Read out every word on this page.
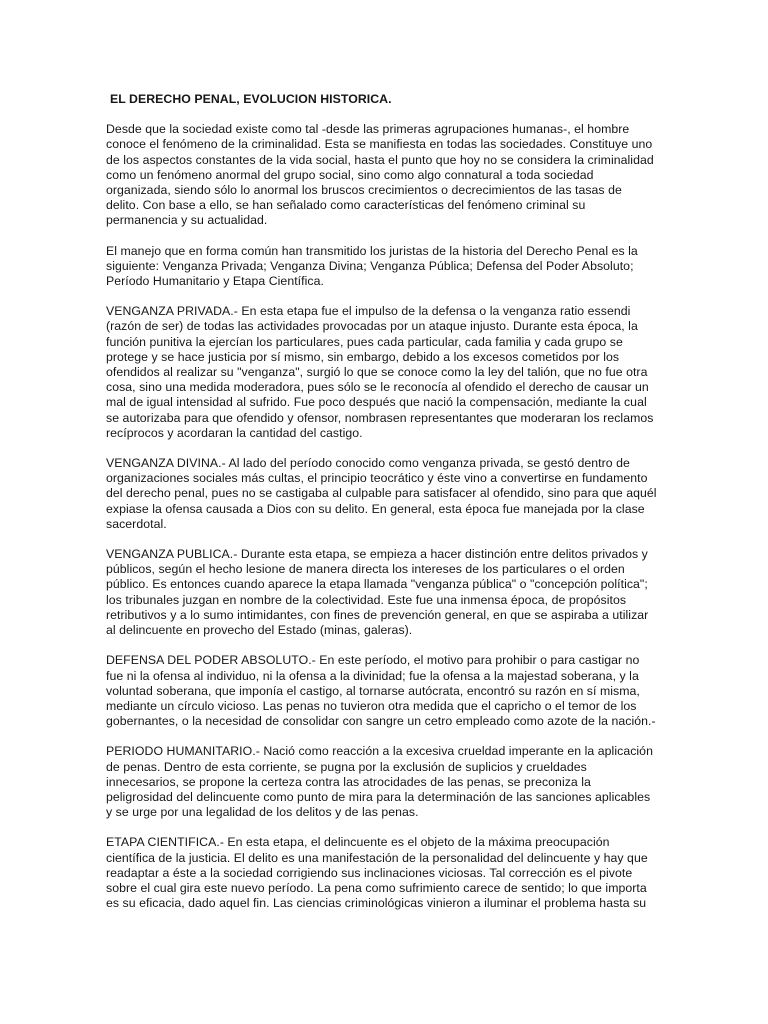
EL DERECHO PENAL, EVOLUCION HISTORICA.

Desde que la sociedad existe como tal -desde las primeras agrupaciones humanas-, el hombre conoce el fenómeno de la criminalidad. Esta se manifiesta en todas las sociedades. Constituye uno de los aspectos constantes de la vida social, hasta el punto que hoy no se considera la criminalidad como un fenómeno anormal del grupo social, sino como algo connatural a toda sociedad organizada, siendo sólo lo anormal los bruscos crecimientos o decrecimientos de las tasas de delito. Con base a ello, se han señalado como características del fenómeno criminal su permanencia y su actualidad.

El manejo que en forma común han transmitido los juristas de la historia del Derecho Penal es la siguiente: Venganza Privada; Venganza Divina; Venganza Pública; Defensa del Poder Absoluto; Período Humanitario y Etapa Científica.

VENGANZA PRIVADA.- En esta etapa fue el impulso de la defensa o la venganza ratio essendi (razón de ser) de todas las actividades provocadas por un ataque injusto. Durante esta época, la función punitiva la ejercían los particulares, pues cada particular, cada familia y cada grupo se protege y se hace justicia por sí mismo, sin embargo, debido a los excesos cometidos por los ofendidos al realizar su "venganza", surgió lo que se conoce como la ley del talión, que no fue otra cosa, sino una medida moderadora, pues sólo se le reconocía al ofendido el derecho de causar un mal de igual intensidad al sufrido. Fue poco después que nació la compensación, mediante la cual se autorizaba para que ofendido y ofensor, nombrasen representantes que moderaran los reclamos recíprocos y acordaran la cantidad del castigo.

VENGANZA DIVINA.- Al lado del período conocido como venganza privada, se gestó dentro de organizaciones sociales más cultas, el principio teocrático y éste vino a convertirse en fundamento del derecho penal, pues no se castigaba al culpable para satisfacer al ofendido, sino para que aquél expiase la ofensa causada a Dios con su delito. En general, esta época fue manejada por la clase sacerdotal.

VENGANZA PUBLICA.- Durante esta etapa, se empieza a hacer distinción entre delitos privados y públicos, según el hecho lesione de manera directa los intereses de los particulares o el orden público. Es entonces cuando aparece la etapa llamada "venganza pública" o "concepción política"; los tribunales juzgan en nombre de la colectividad. Este fue una inmensa época, de propósitos retributivos y a lo sumo intimidantes, con fines de prevención general, en que se aspiraba a utilizar al delincuente en provecho del Estado (minas, galeras).

DEFENSA DEL PODER ABSOLUTO.- En este período, el motivo para prohibir o para castigar no fue ni la ofensa al individuo, ni la ofensa a la divinidad; fue la ofensa a la majestad soberana, y la voluntad soberana, que imponía el castigo, al tornarse autócrata, encontró su razón en sí misma, mediante un círculo vicioso. Las penas no tuvieron otra medida que el capricho o el temor de los gobernantes, o la necesidad de consolidar con sangre un cetro empleado como azote de la nación.-

PERIODO HUMANITARIO.- Nació como reacción a la excesiva crueldad imperante en la aplicación de penas. Dentro de esta corriente, se pugna por la exclusión de suplicios y crueldades innecesarios, se propone la certeza contra las atrocidades de las penas, se preconiza la peligrosidad del delincuente como punto de mira para la determinación de las sanciones aplicables y se urge por una legalidad de los delitos y de las penas.

ETAPA CIENTIFICA.- En esta etapa, el delincuente es el objeto de la máxima preocupación científica de la justicia. El delito es una manifestación de la personalidad del delincuente y hay que readaptar a éste a la sociedad corrigiendo sus inclinaciones viciosas. Tal corrección es el pivote sobre el cual gira este nuevo período. La pena como sufrimiento carece de sentido; lo que importa es su eficacia, dado aquel fin. Las ciencias criminológicas vinieron a iluminar el problema hasta su
